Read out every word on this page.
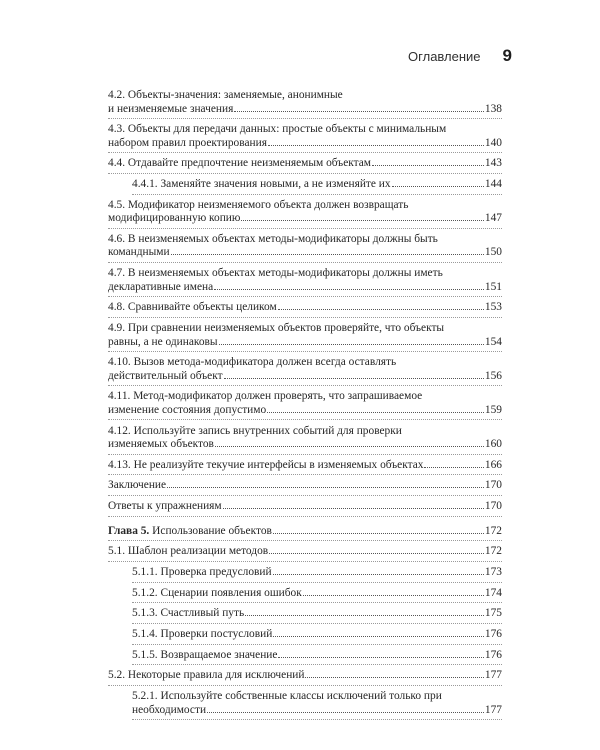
Оглавление 9
4.2. Объекты-значения: заменяемые, анонимные
и неизменяемые значения	138
4.3. Объекты для передачи данных: простые объекты с минимальным
набором правил проектирования	140
4.4. Отдавайте предпочтение неизменяемым объектам	143
4.4.1. Заменяйте значения новыми, а не изменяйте их	144
4.5. Модификатор неизменяемого объекта должен возвращать
модифицированную копию	147
4.6. В неизменяемых объектах методы-модификаторы должны быть
командными	150
4.7. В неизменяемых объектах методы-модификаторы должны иметь
декларативные имена	151
4.8. Сравнивайте объекты целиком	153
4.9. При сравнении неизменяемых объектов проверяйте, что объекты
равны, а не одинаковы	154
4.10. Вызов метода-модификатора должен всегда оставлять
действительный объект	156
4.11. Метод-модификатор должен проверять, что запрашиваемое
изменение состояния допустимо	159
4.12. Используйте запись внутренних событий для проверки
изменяемых объектов	160
4.13. Не реализуйте текучие интерфейсы в изменяемых объектах	166
Заключение	170
Ответы к упражнениям	170
Глава 5. Использование объектов	172
5.1. Шаблон реализации методов	172
5.1.1. Проверка предусловий	173
5.1.2. Сценарии появления ошибок	174
5.1.3. Счастливый путь	175
5.1.4. Проверки постусловий	176
5.1.5. Возвращаемое значение	176
5.2. Некоторые правила для исключений	177
5.2.1. Используйте собственные классы исключений только при
необходимости	177
